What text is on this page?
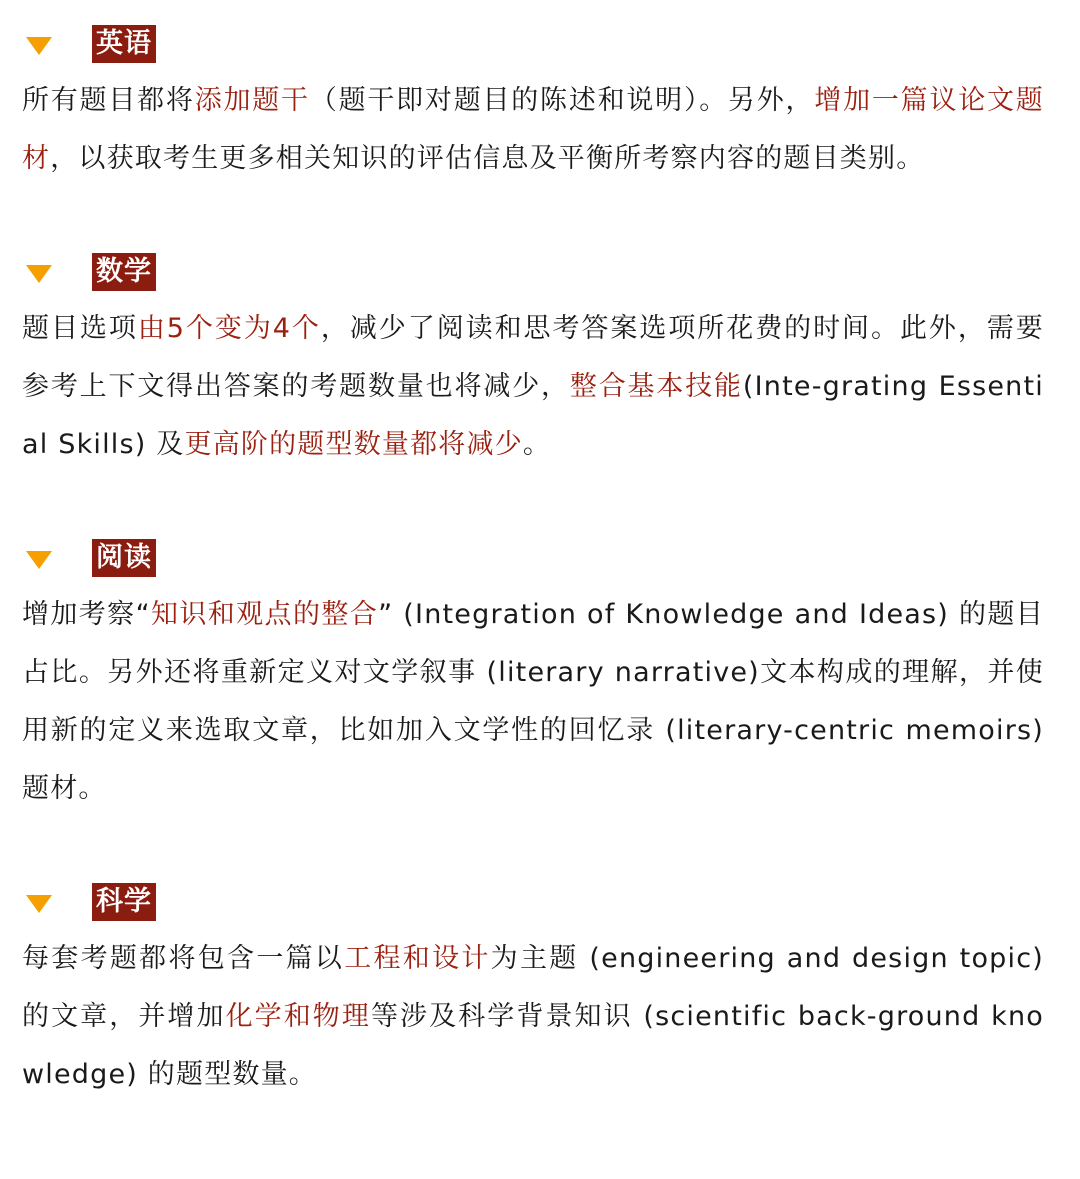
英语

所有题目都将添加题干（题干即对题目的陈述和说明）。另外，增加一篇议论文题材，以获取考生更多相关知识的评估信息及平衡所考察内容的题目类别。

数学

题目选项由5个变为4个，减少了阅读和思考答案选项所花费的时间。此外，需要参考上下文得出答案的考题数量也将减少，整合基本技能(Inte-grating Essential Skills) 及更高阶的题型数量都将减少。

阅读

增加考察“知识和观点的整合” (Integration of Knowledge and Ideas) 的题目占比。另外还将重新定义对文学叙事 (literary narrative)文本构成的理解，并使用新的定义来选取文章，比如加入文学性的回忆录 (literary-centric memoirs)题材。

科学

每套考题都将包含一篇以工程和设计为主题 (engineering and design topic) 的文章，并增加化学和物理等涉及科学背景知识 (scientific back-ground knowledge) 的题型数量。
